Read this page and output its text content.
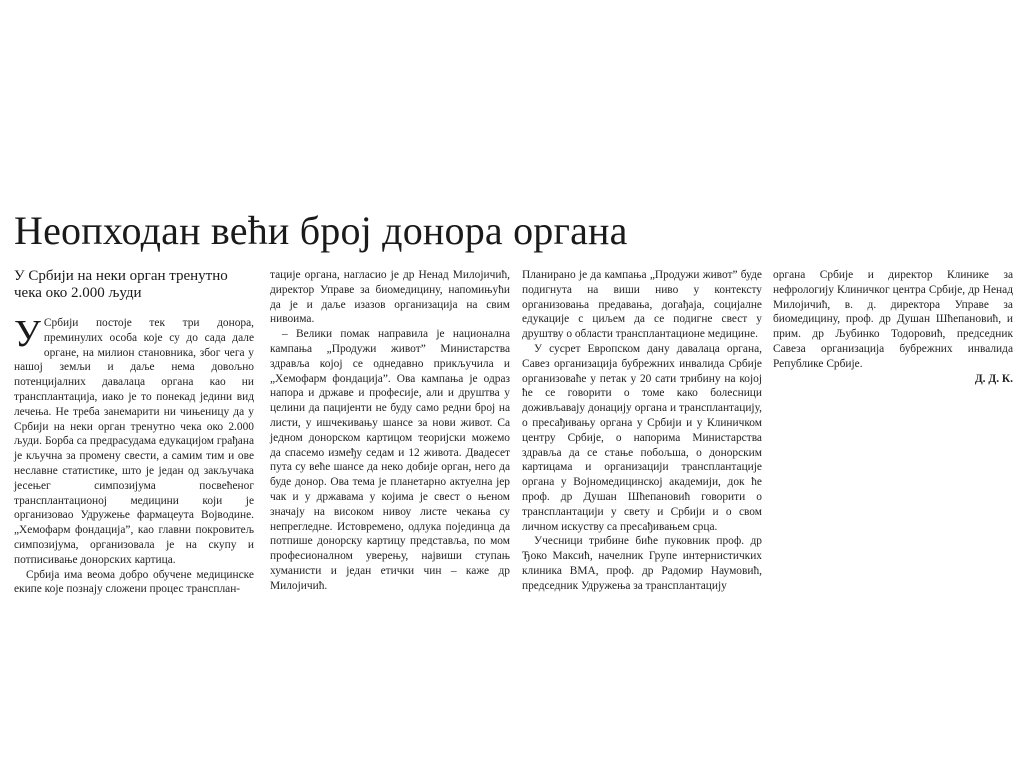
Неопходан већи број донора органа
У Србији на неки орган тренутно чека око 2.000 људи

У Србији постоје тек три донора, преминулих особа које су до сада дале органе, на милион становника, због чега у нашој земљи и даље нема довољно потенцијалних давалаца органа као ни трансплантација, иако је то понекад једини вид лечења. Не треба занемарити ни чињеницу да у Србији на неки орган тренутно чека око 2.000 људи. Борба са предрасудама едукацијом грађана је кључна за промену свести, а самим тим и ове неславне статистике, што је један од закључака јесењег симпозијума посвећеног трансплантационој медицини који је организовао Удружење фармацеута Војводине. „Хемофарм фондација”, као главни покровитељ симпозијума, организовала је на скупу и потписивање донорских картица.

Србија има веома добро обучене медицинске екипе које познају сложени процес трансплан-

тације органа, нагласио је др Ненад Милојичић, директор Управе за биомедицину, напомињући да је и даље изазов организација на свим нивоима.

– Велики помак направила је национална кампања „Продужи живот” Министарства здравља којој се однедавно прикључила и „Хемофарм фондација”. Ова кампања је одраз напора и државе и професије, али и друштва у целини да пацијенти не буду само редни број на листи, у ишчекивању шансе за нови живот. Са једном донорском картицом теоријски можемо да спасемо између седам и 12 живота. Двадесет пута су веће шансе да неко добије орган, него да буде донор. Ова тема је планетарно актуелна јер чак и у државама у којима је свест о њеном значају на високом нивоу листе чекања су непрегледне. Истовремено, одлука појединца да потпише донорску картицу представља, по мом професионалном уверењу, највиши ступањ хуманисти и један етички чин – каже др Милојичић.

Планирано је да кампања „Продужи живот” буде подигнута на виши ниво у контексту организовања предавања, догађаја, социјалне едукације с циљем да се подигне свест у друштву о области трансплантационе медицине.

У сусрет Европском дану давалаца органа, Савез организација бубрежних инвалида Србије организоваће у петак у 20 сати трибину на којој ће се говорити о томе како болесници доживљавају донацију органа и трансплантацију, о пресађивању органа у Србији и у Клиничком центру Србије, о напорима Министарства здравља да се стање побољша, о донорским картицама и организацији трансплантације органа у Војномедицинској академији, док ће проф. др Душан Шћепановић говорити о трансплантацији у свету и Србији и о свом личном искуству са пресађивањем срца.

Учесници трибине биће пуковник проф. др Ђоко Максић, начелник Групе интернистичких клиника ВМА, проф. др Радомир Наумовић, председник Удружења за трансплантацију

органа Србије и директор Клинике за нефрологију Клиничког центра Србије, др Ненад Милојичић, в. д. директора Управе за биомедицину, проф. др Душан Шћепановић, и прим. др Љубинко Тодоровић, председник Савеза организација бубрежних инвалида Републике Србије.

Д. Д. К.
